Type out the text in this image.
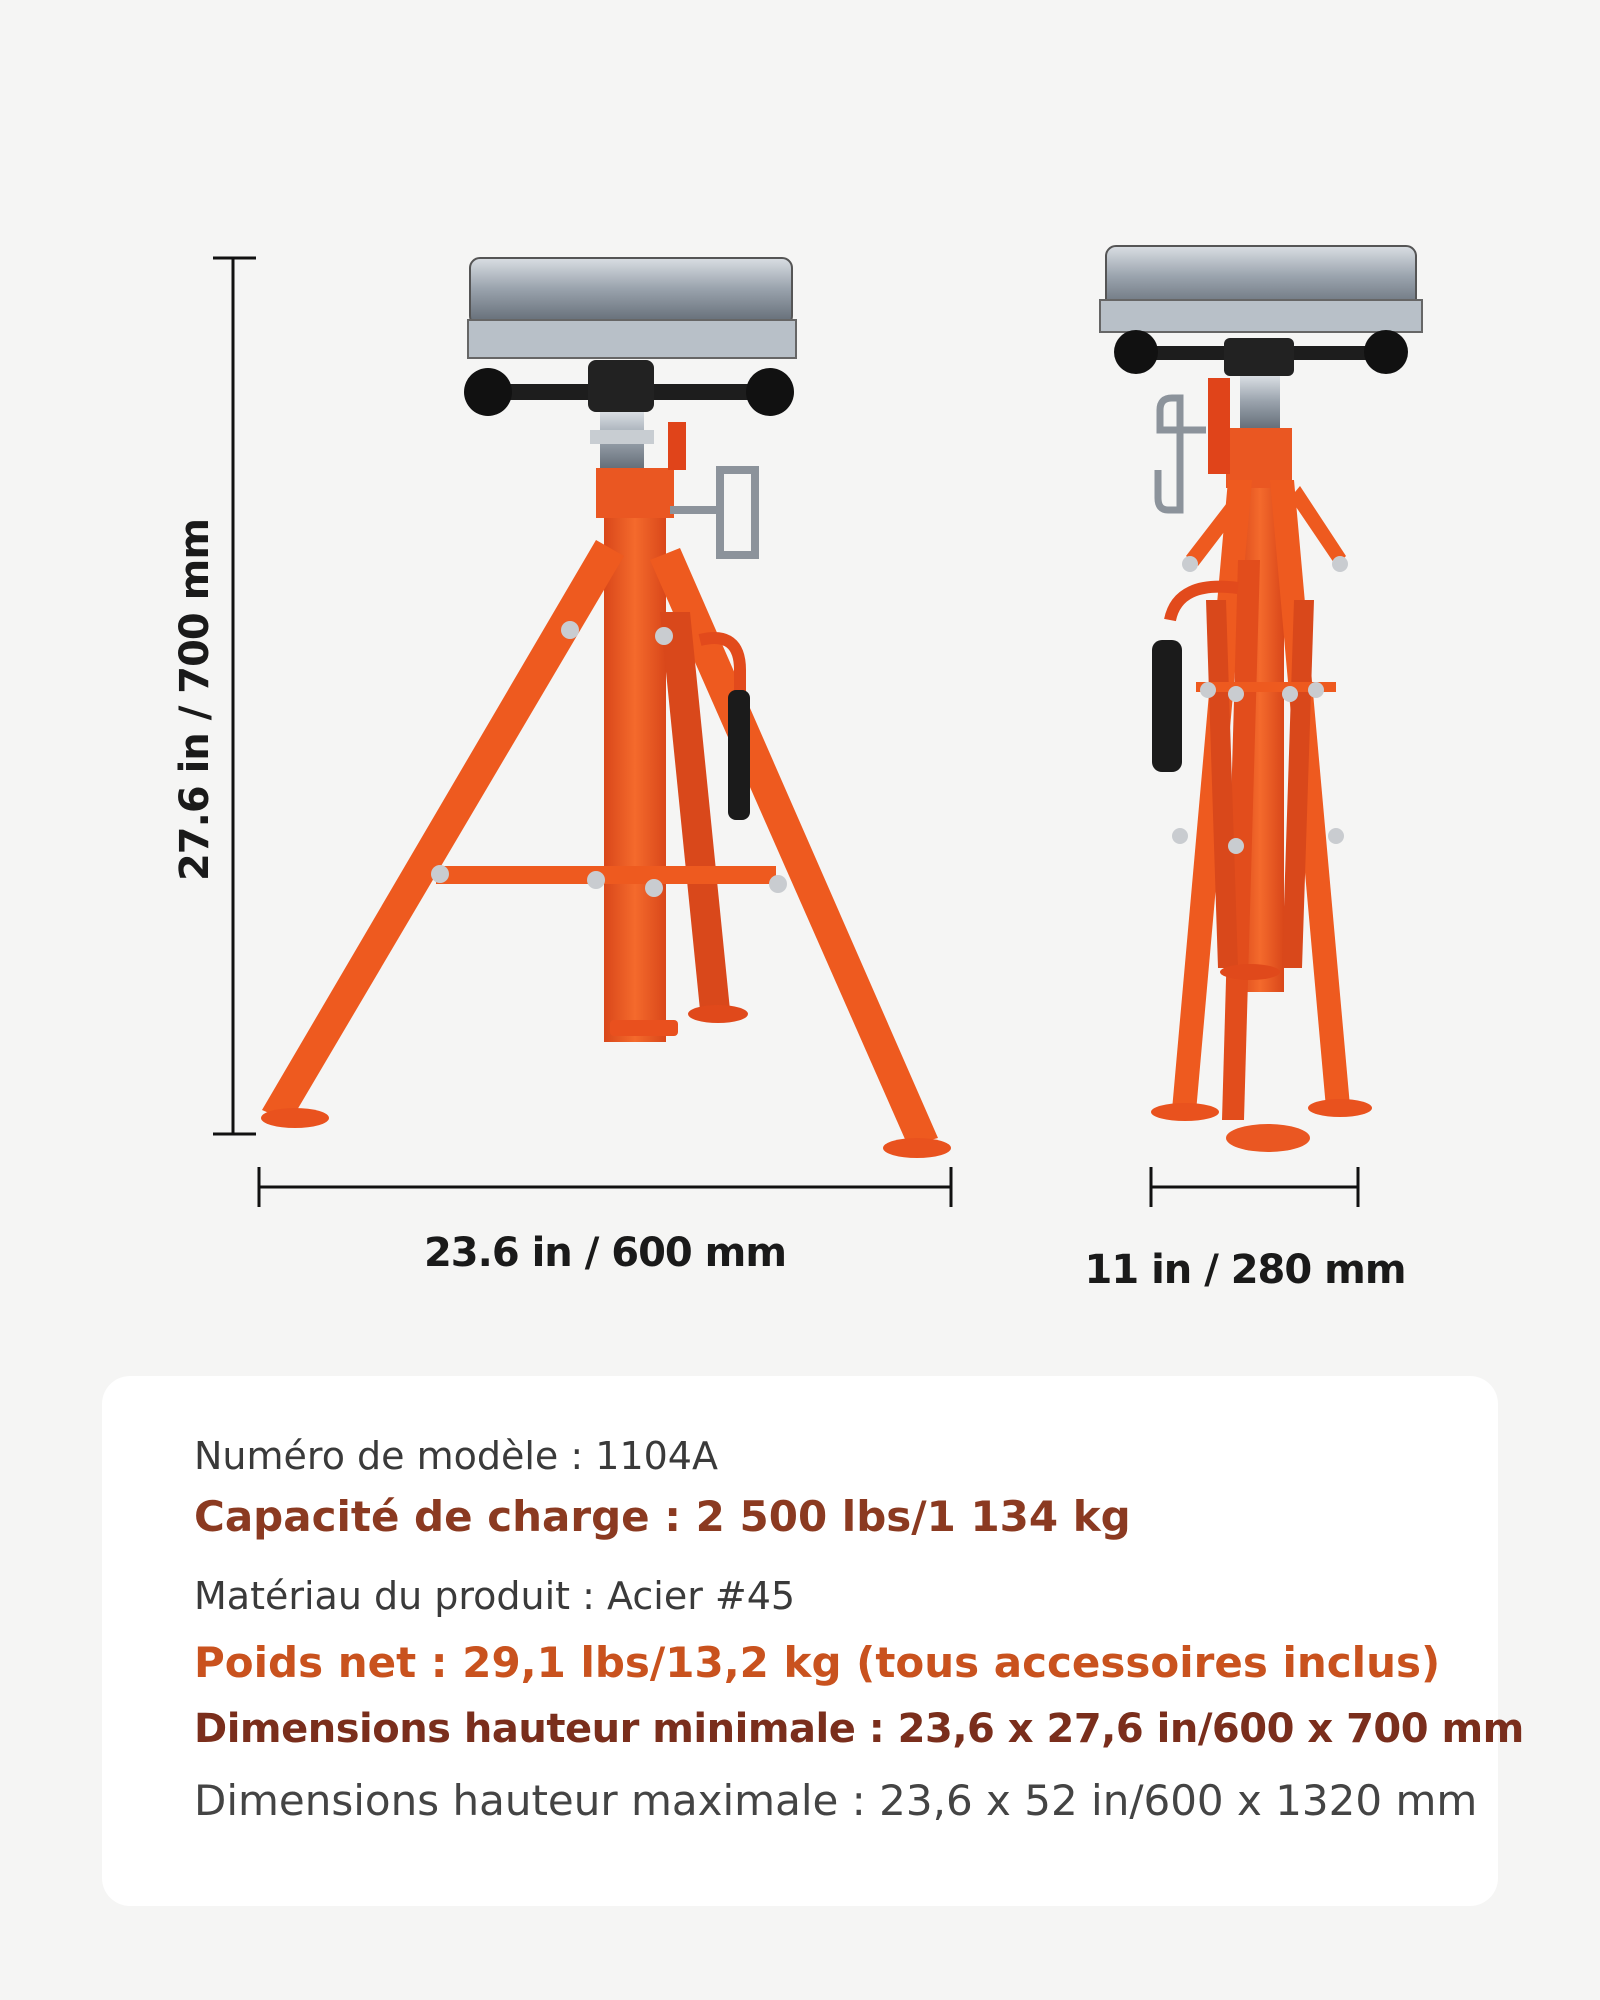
27.6 in / 700 mm
23.6 in / 600 mm	11 in / 280 mm
Numéro de modèle : 1104A
Capacité de charge : 2 500 lbs/1 134 kg
Matériau du produit : Acier #45
Poids net : 29,1 lbs/13,2 kg (tous accessoires inclus)
Dimensions hauteur minimale : 23,6 x 27,6 in/600 x 700 mm
Dimensions hauteur maximale : 23,6 x 52 in/600 x 1320 mm
